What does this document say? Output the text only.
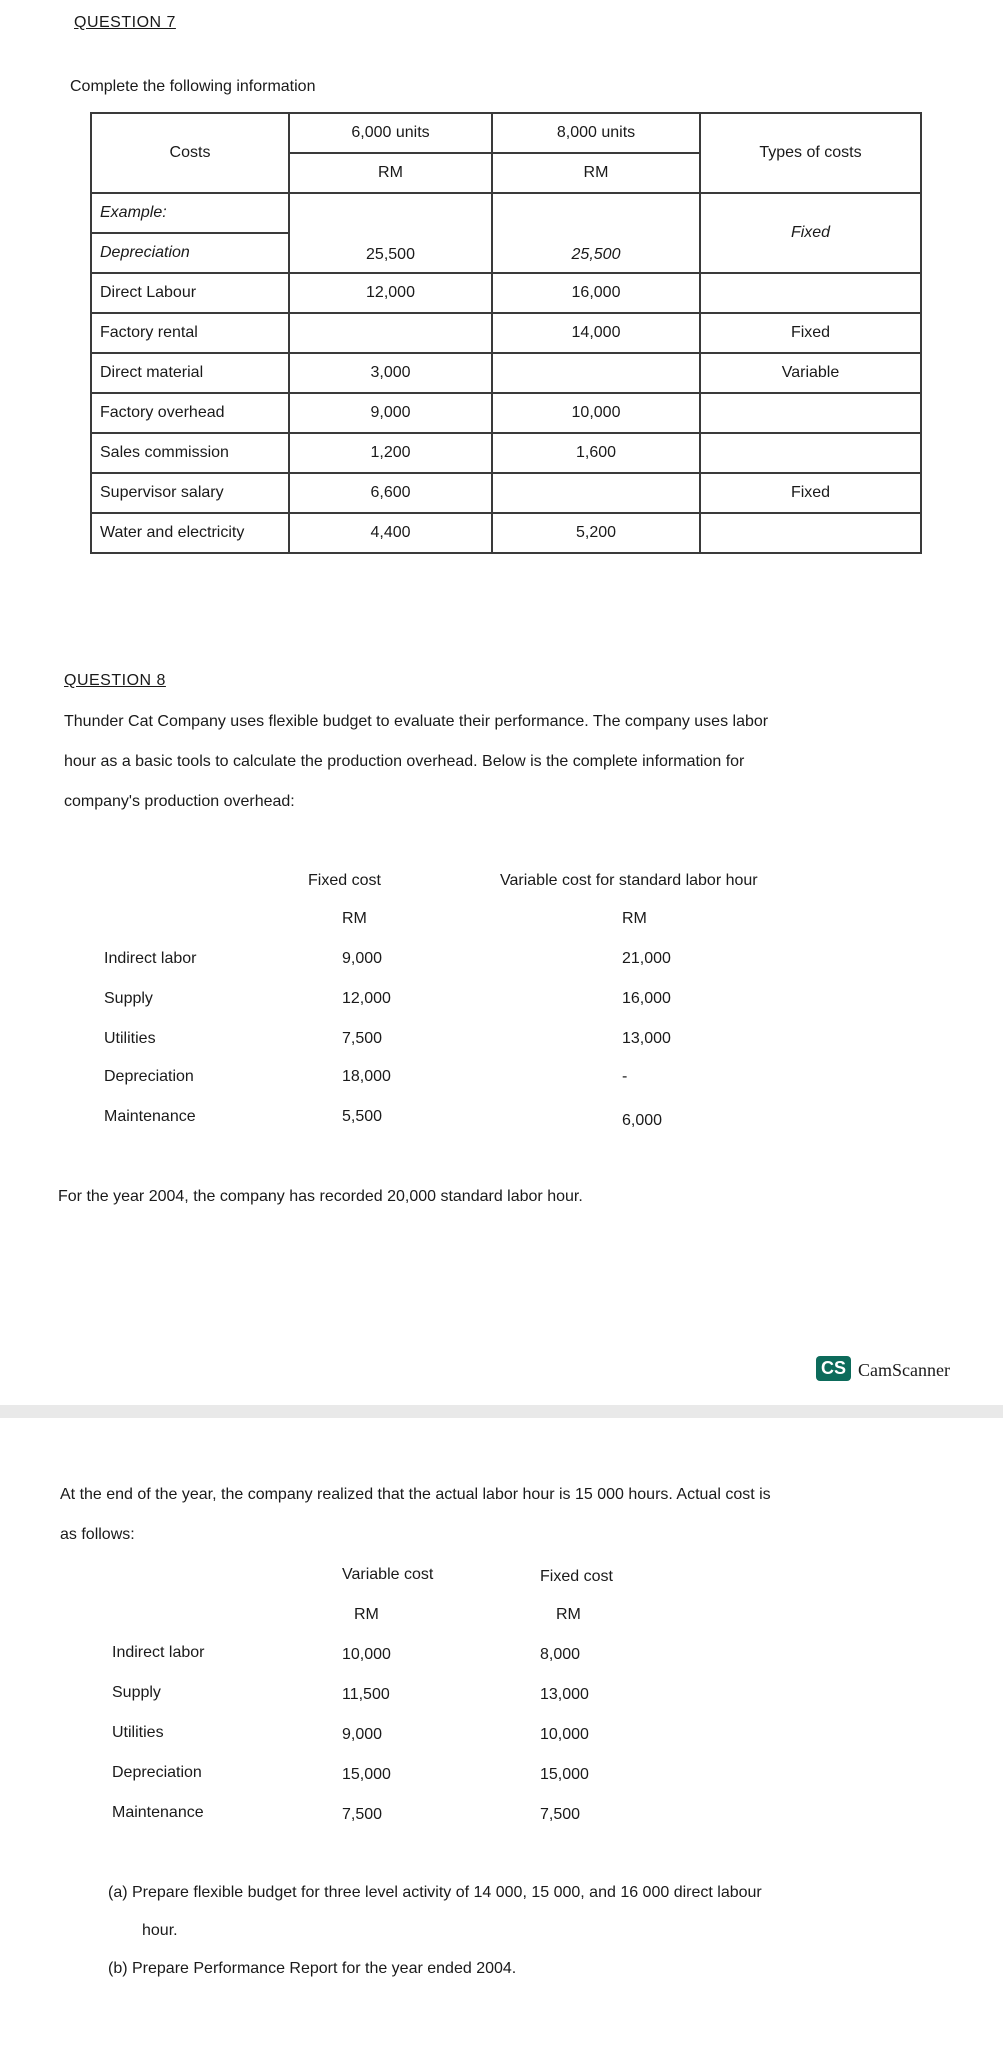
QUESTION 7
Complete the following information
Costs	6,000 units	8,000 units	Types of costs
	RM	RM	
Example:	25,500	25,500	Fixed
Depreciation			
Direct Labour	12,000	16,000	
Factory rental		14,000	Fixed
Direct material	3,000		Variable
Factory overhead	9,000	10,000	
Sales commission	1,200	1,600	
Supervisor salary	6,600		Fixed
Water and electricity	4,400	5,200	
QUESTION 8
Thunder Cat Company uses flexible budget to evaluate their performance. The company uses labor
hour as a basic tools to calculate the production overhead. Below is the complete information for
company's production overhead:
Fixed cost	Variable cost for standard labor hour
RM	RM
Indirect labor	9,000	21,000
Supply	12,000	16,000
Utilities	7,500	13,000
Depreciation	18,000	-
Maintenance	5,500	6,000
For the year 2004, the company has recorded 20,000 standard labor hour.
CS CamScanner
At the end of the year, the company realized that the actual labor hour is 15 000 hours. Actual cost is
as follows:
Variable cost	Fixed cost
RM	RM
Indirect labor	10,000	8,000
Supply	11,500	13,000
Utilities	9,000	10,000
Depreciation	15,000	15,000
Maintenance	7,500	7,500
(a) Prepare flexible budget for three level activity of 14 000, 15 000, and 16 000 direct labour
hour.
(b) Prepare Performance Report for the year ended 2004.
